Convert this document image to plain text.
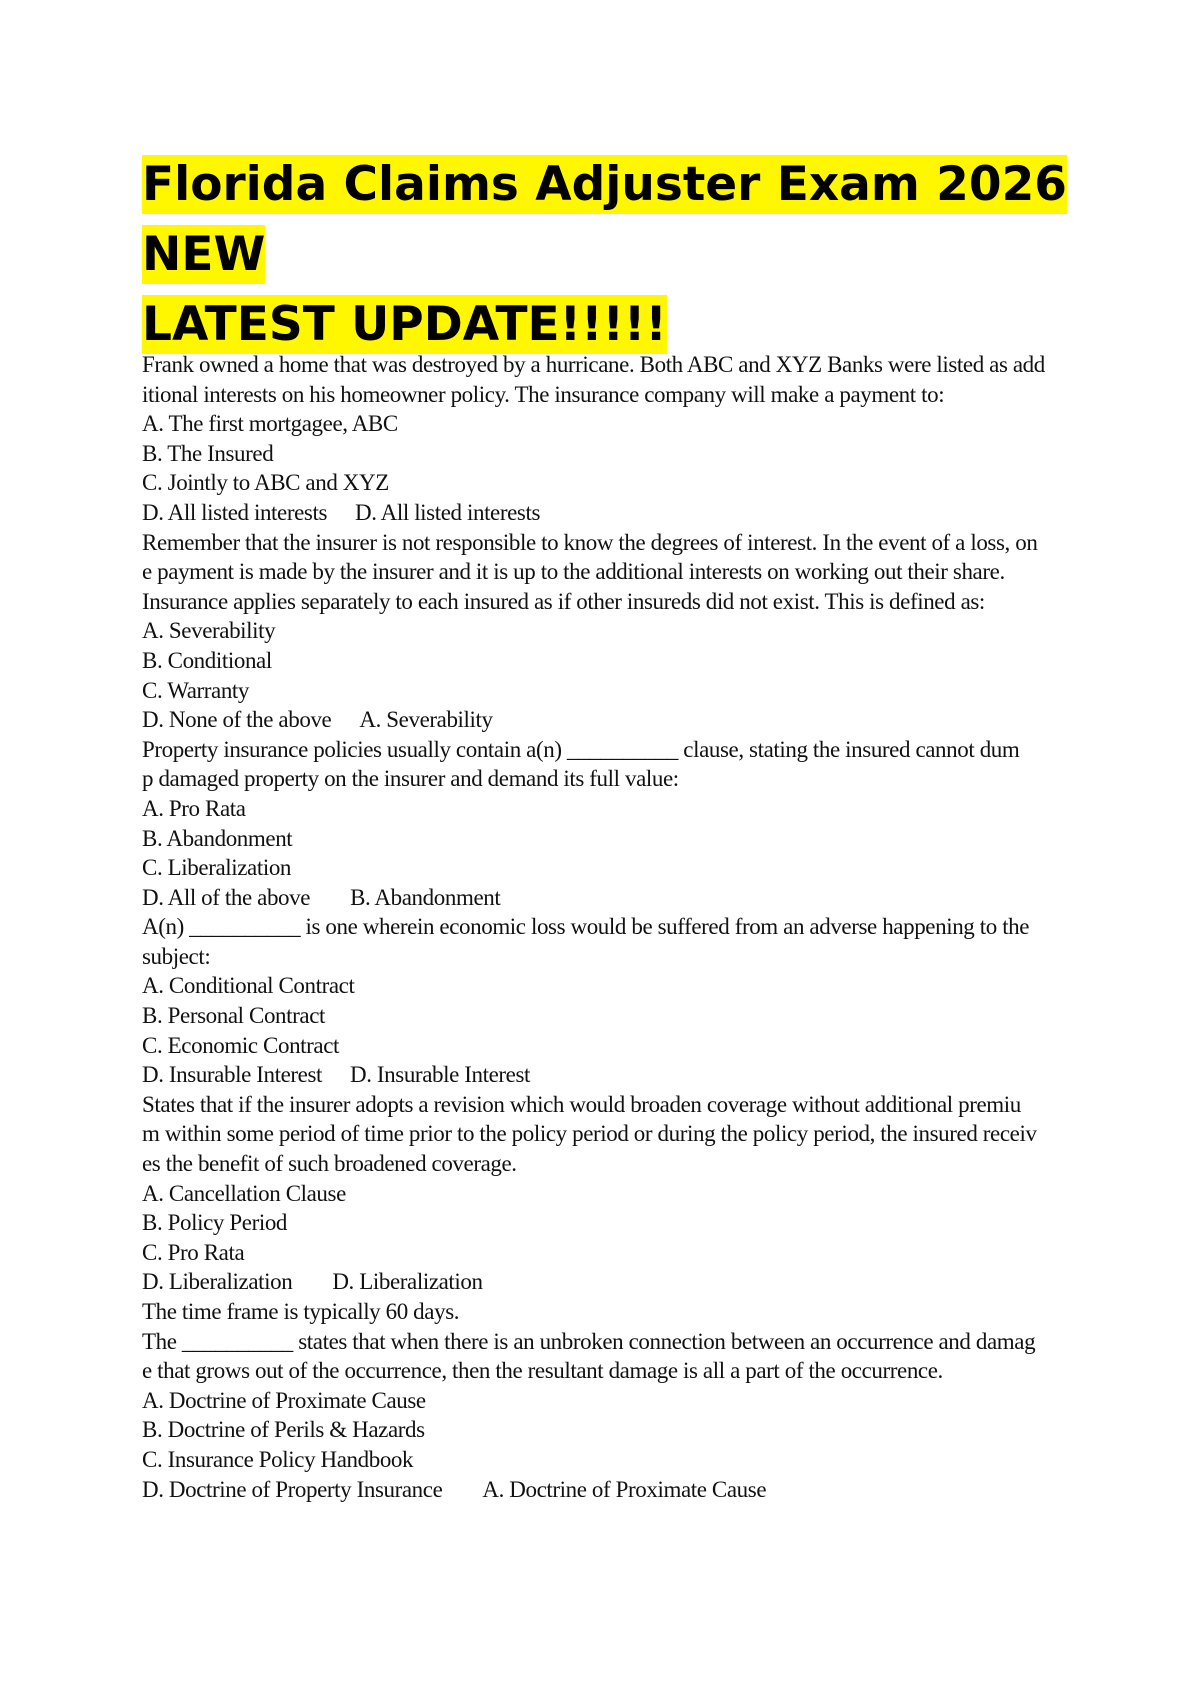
Florida Claims Adjuster Exam 2026 NEW
LATEST UPDATE!!!!!
Frank owned a home that was destroyed by a hurricane. Both ABC and XYZ Banks were listed as add
itional interests on his homeowner policy. The insurance company will make a payment to:
A. The first mortgagee, ABC
B. The Insured
C. Jointly to ABC and XYZ
D. All listed interests D. All listed interests
Remember that the insurer is not responsible to know the degrees of interest. In the event of a loss, on
e payment is made by the insurer and it is up to the additional interests on working out their share.
Insurance applies separately to each insured as if other insureds did not exist. This is defined as:
A. Severability
B. Conditional
C. Warranty
D. None of the above A. Severability
Property insurance policies usually contain a(n) __________ clause, stating the insured cannot dum
p damaged property on the insurer and demand its full value:
A. Pro Rata
B. Abandonment
C. Liberalization
D. All of the above B. Abandonment
A(n) __________ is one wherein economic loss would be suffered from an adverse happening to the
subject:
A. Conditional Contract
B. Personal Contract
C. Economic Contract
D. Insurable Interest D. Insurable Interest
States that if the insurer adopts a revision which would broaden coverage without additional premiu
m within some period of time prior to the policy period or during the policy period, the insured receiv
es the benefit of such broadened coverage.
A. Cancellation Clause
B. Policy Period
C. Pro Rata
D. Liberalization D. Liberalization
The time frame is typically 60 days.
The __________ states that when there is an unbroken connection between an occurrence and damag
e that grows out of the occurrence, then the resultant damage is all a part of the occurrence.
A. Doctrine of Proximate Cause
B. Doctrine of Perils & Hazards
C. Insurance Policy Handbook
D. Doctrine of Property Insurance A. Doctrine of Proximate Cause
